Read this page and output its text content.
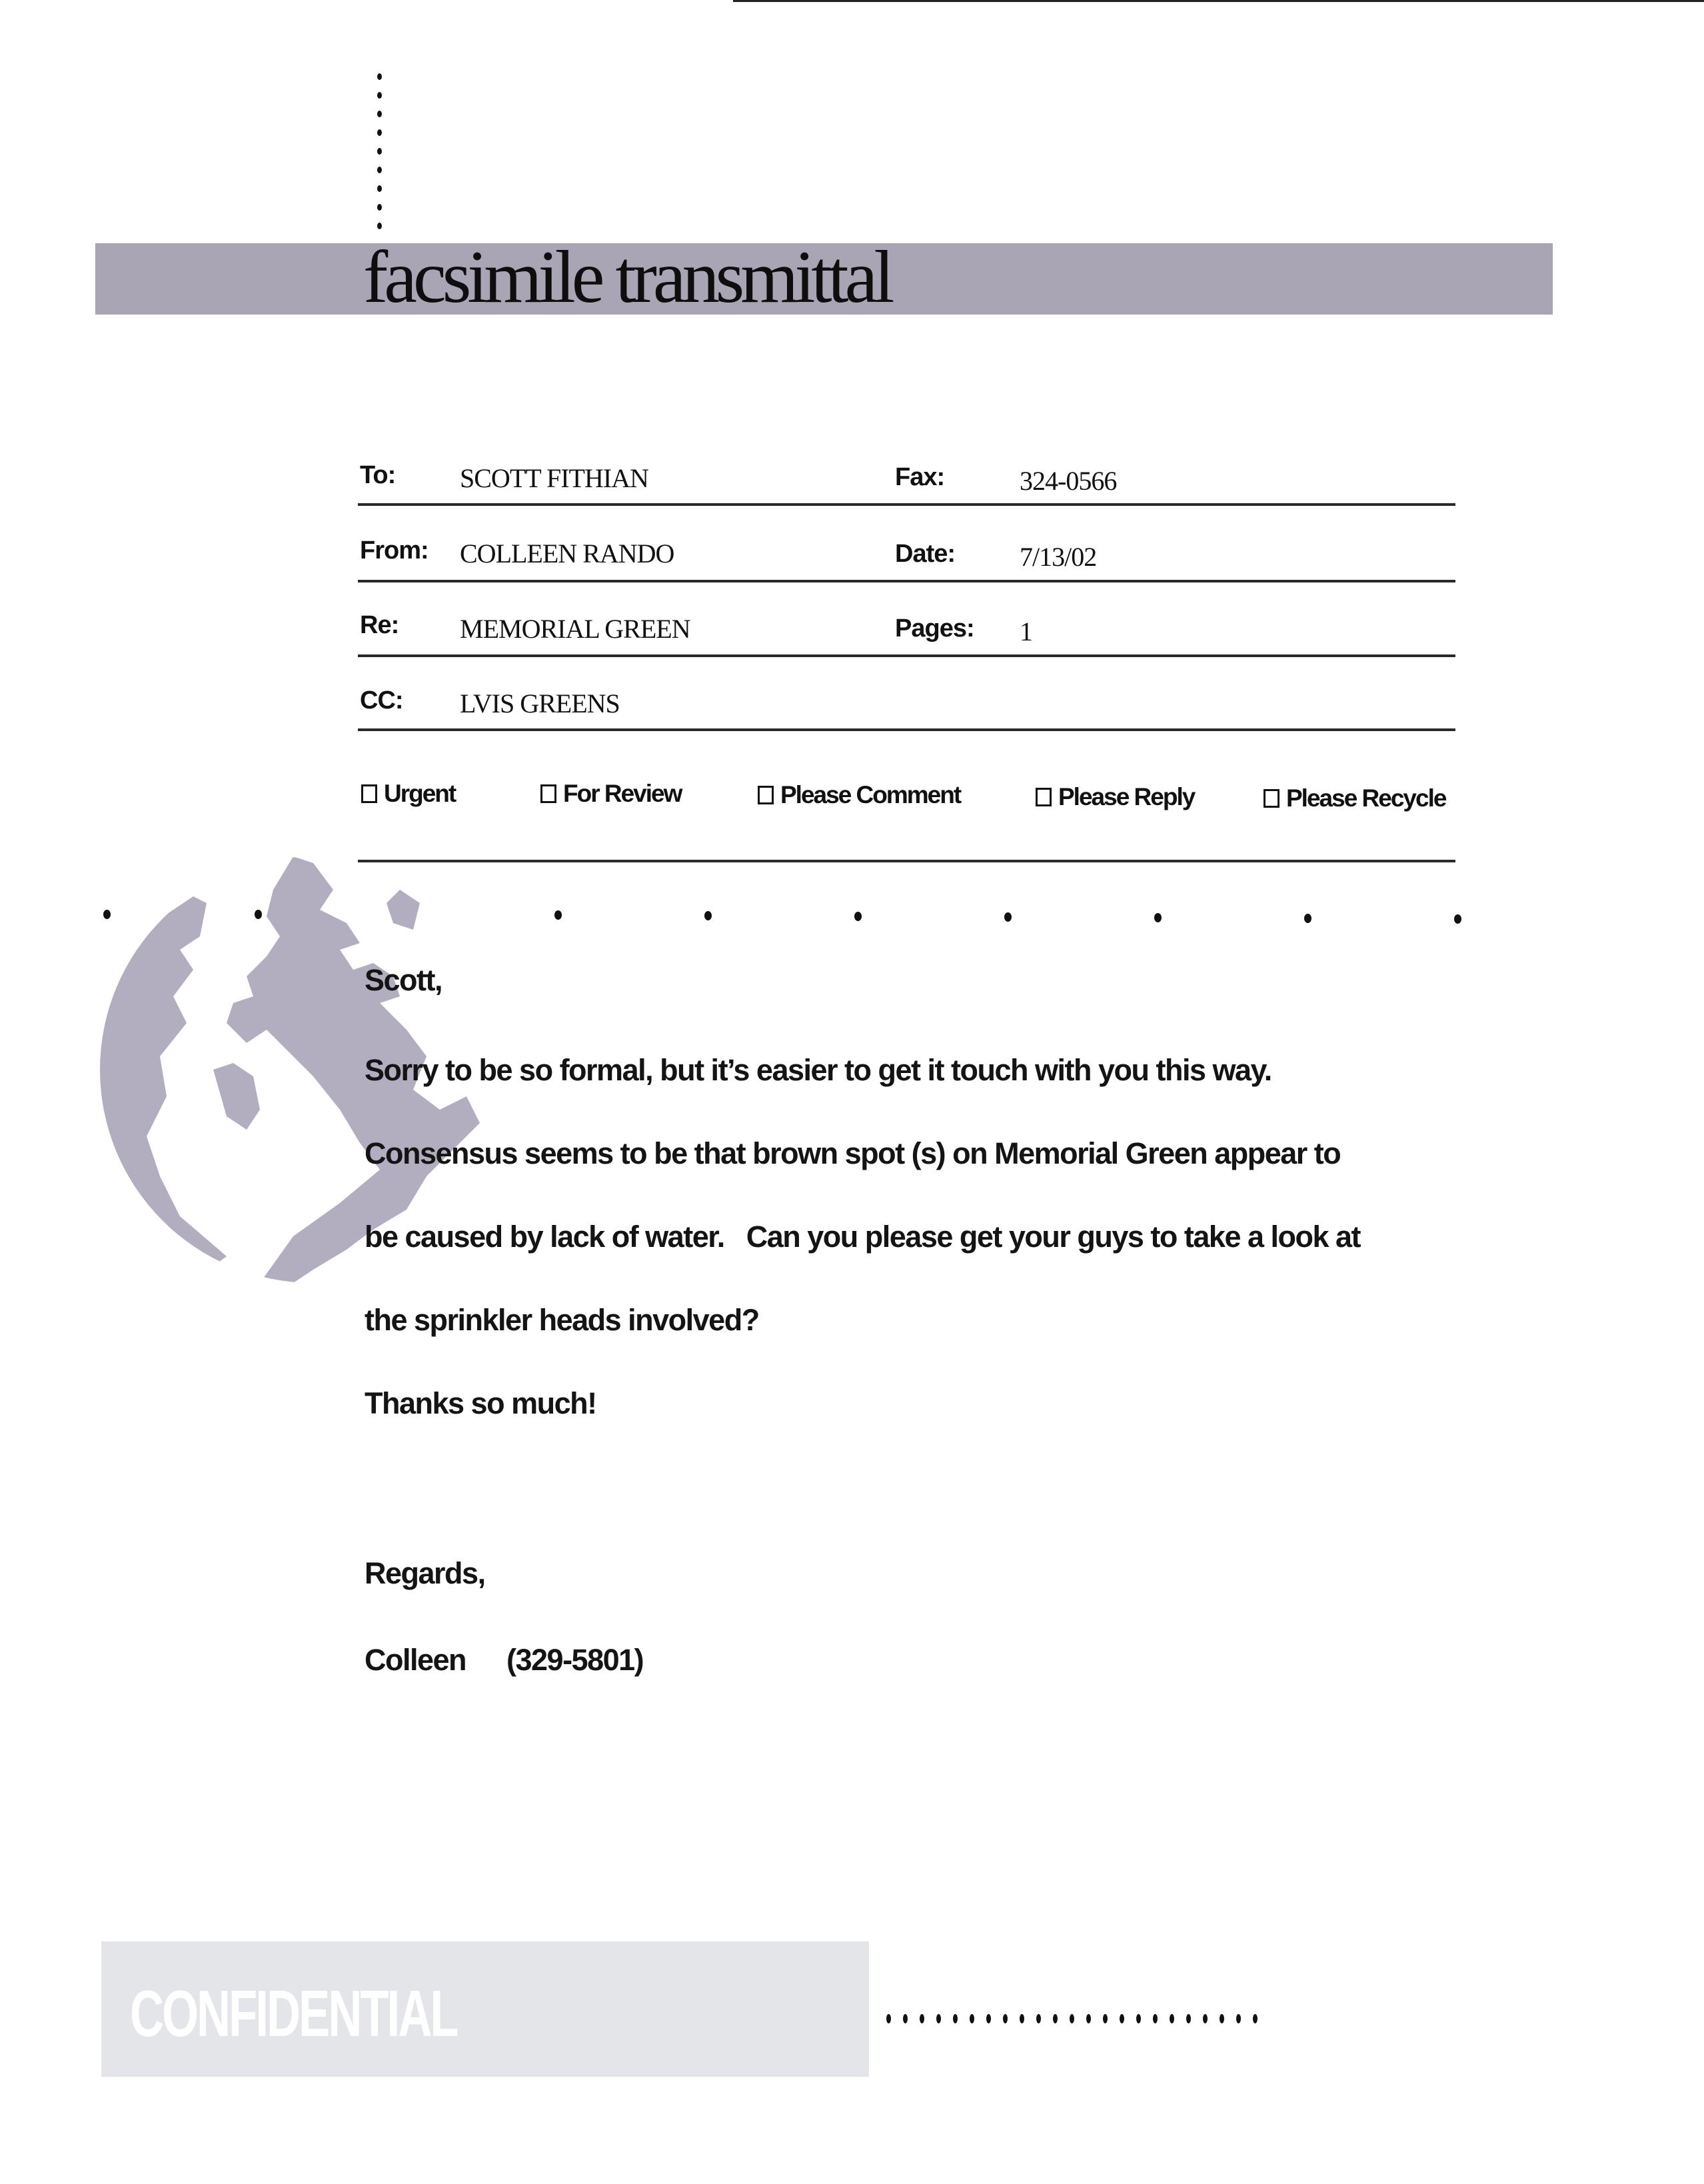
facsimile transmittal
To: SCOTT FITHIAN	Fax:	324-0566
From: COLLEEN RANDO	Date: 7/13/02
Re: MEMORIAL GREEN	Pages: 1
CC: LVIS GREENS
Urgent	For Review	Please Comment	Please Reply	Please Recycle
Scott,
Sorry to be so formal, but it’s easier to get it touch with you this way.
Consensus seems to be that brown spot (s) on Memorial Green appear to
be caused by lack of water.   Can you please get your guys to take a look at
the sprinkler heads involved?
Thanks so much!
Regards,
Colleen (329-5801)
CONFIDENTIAL
